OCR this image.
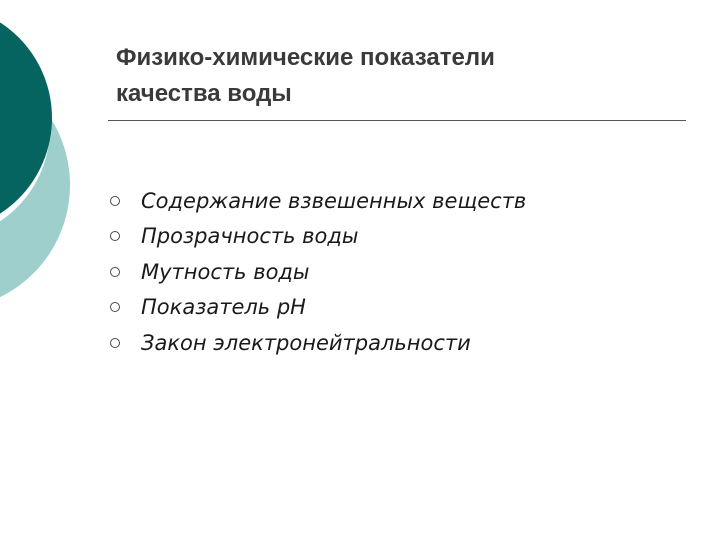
Физико-химические показатели
качества воды
Содержание взвешенных веществ
Прозрачность воды
Мутность воды
Показатель pH
Закон электронейтральности
